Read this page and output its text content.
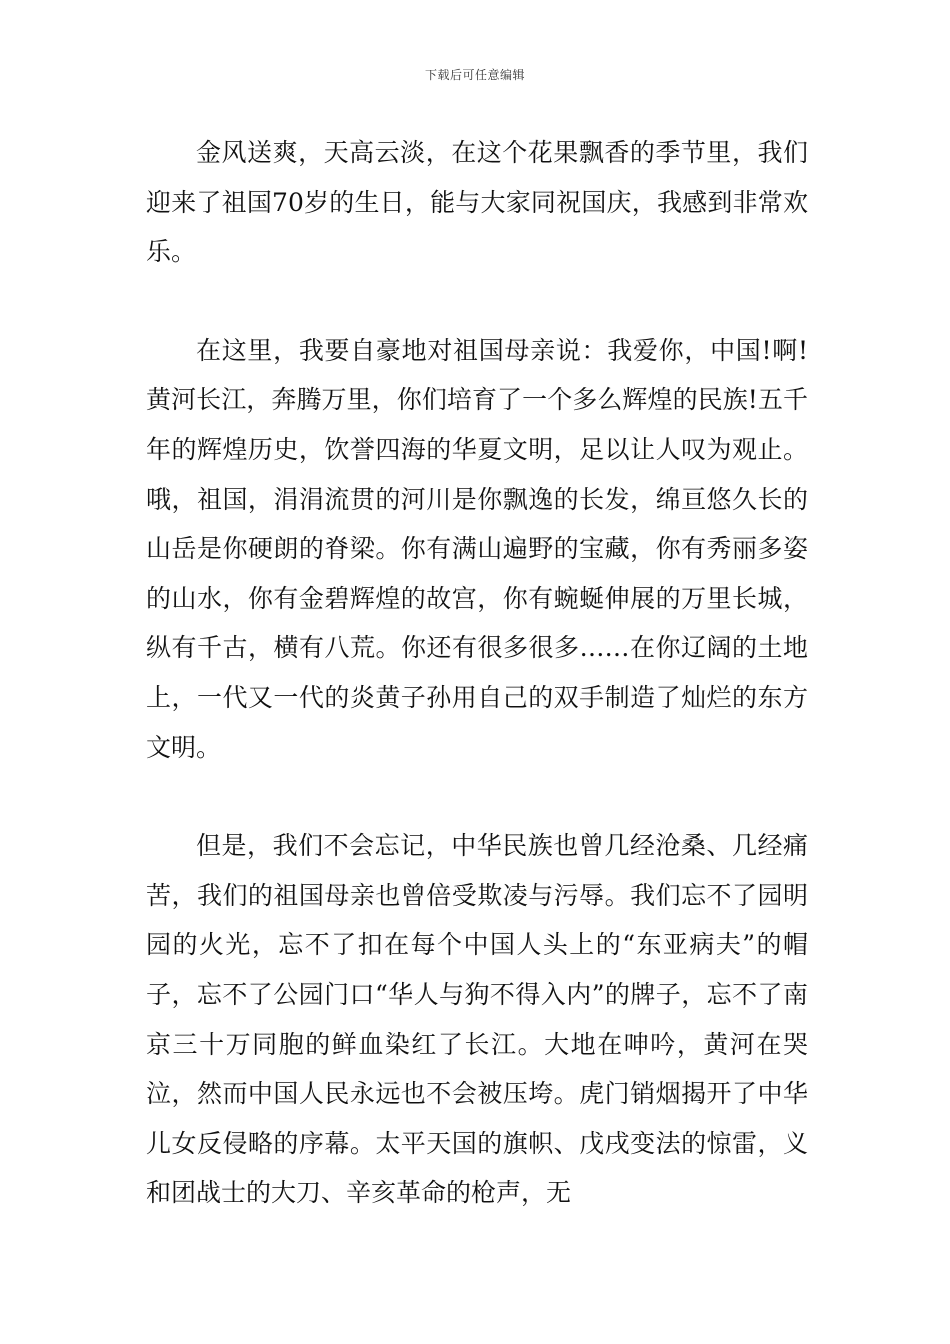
下载后可任意编辑

金风送爽，天高云淡，在这个花果飘香的季节里，我们迎来了祖国70岁的生日，能与大家同祝国庆，我感到非常欢乐。

在这里，我要自豪地对祖国母亲说：我爱你，中国!啊!黄河长江，奔腾万里，你们培育了一个多么辉煌的民族!五千年的辉煌历史，饮誉四海的华夏文明，足以让人叹为观止。哦，祖国，涓涓流贯的河川是你飘逸的长发，绵亘悠久长的山岳是你硬朗的脊梁。你有满山遍野的宝藏，你有秀丽多姿的山水，你有金碧辉煌的故宫，你有蜿蜒伸展的万里长城，纵有千古，横有八荒。你还有很多很多……在你辽阔的土地上，一代又一代的炎黄子孙用自己的双手制造了灿烂的东方文明。

但是，我们不会忘记，中华民族也曾几经沧桑、几经痛苦，我们的祖国母亲也曾倍受欺凌与污辱。我们忘不了园明园的火光，忘不了扣在每个中国人头上的“东亚病夫”的帽子，忘不了公园门口“华人与狗不得入内”的牌子，忘不了南京三十万同胞的鲜血染红了长江。大地在呻吟，黄河在哭泣，然而中国人民永远也不会被压垮。虎门销烟揭开了中华儿女反侵略的序幕。太平天国的旗帜、戊戌变法的惊雷，义和团战士的大刀、辛亥革命的枪声，无
